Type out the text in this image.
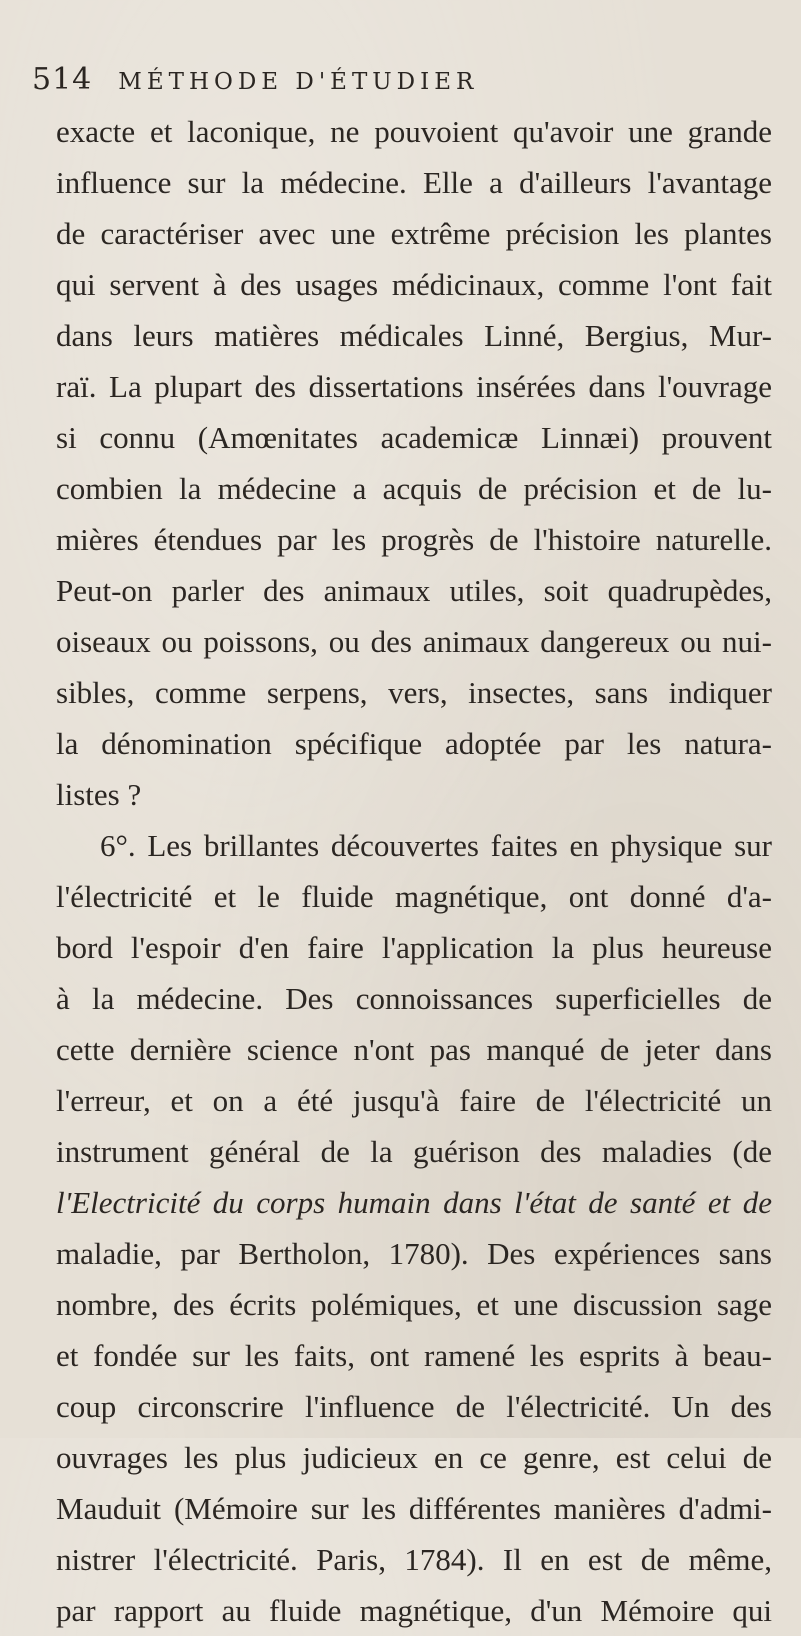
514 MÉTHODE D'ÉTUDIER
exacte et laconique, ne pouvoient qu'avoir une grande
influence sur la médecine. Elle a d'ailleurs l'avantage
de caractériser avec une extrême précision les plantes
qui servent à des usages médicinaux, comme l'ont fait
dans leurs matières médicales Linné, Bergius, Mur-
raï. La plupart des dissertations insérées dans l'ouvrage
si connu (Amœnitates academicæ Linnæi) prouvent
combien la médecine a acquis de précision et de lu-
mières étendues par les progrès de l'histoire naturelle.
Peut-on parler des animaux utiles, soit quadrupèdes,
oiseaux ou poissons, ou des animaux dangereux ou nui-
sibles, comme serpens, vers, insectes, sans indiquer
la dénomination spécifique adoptée par les natura-
listes ?
6°. Les brillantes découvertes faites en physique sur
l'électricité et le fluide magnétique, ont donné d'a-
bord l'espoir d'en faire l'application la plus heureuse
à la médecine. Des connoissances superficielles de
cette dernière science n'ont pas manqué de jeter dans
l'erreur, et on a été jusqu'à faire de l'électricité un
instrument général de la guérison des maladies (de
l'Electricité du corps humain dans l'état de santé et de
maladie, par Bertholon, 1780). Des expériences sans
nombre, des écrits polémiques, et une discussion sage
et fondée sur les faits, ont ramené les esprits à beau-
coup circonscrire l'influence de l'électricité. Un des
ouvrages les plus judicieux en ce genre, est celui de
Mauduit (Mémoire sur les différentes manières d'admi-
nistrer l'électricité. Paris, 1784). Il en est de même,
par rapport au fluide magnétique, d'un Mémoire qui
